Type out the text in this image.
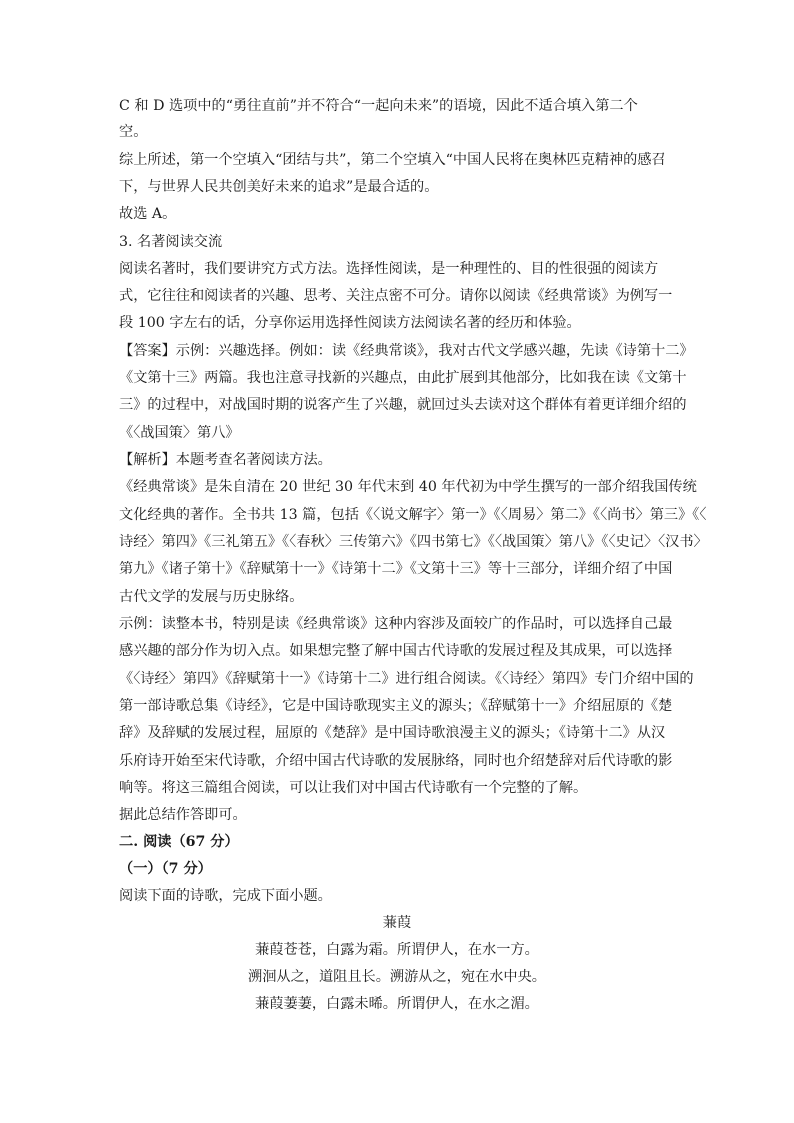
C 和 D 选项中的“勇往直前”并不符合“一起向未来”的语境，因此不适合填入第二个
空。
综上所述，第一个空填入“团结与共”，第二个空填入“中国人民将在奥林匹克精神的感召
下，与世界人民共创美好未来的追求”是最合适的。
故选 A。
3. 名著阅读交流
阅读名著时，我们要讲究方式方法。选择性阅读，是一种理性的、目的性很强的阅读方
式，它往往和阅读者的兴趣、思考、关注点密不可分。请你以阅读《经典常谈》为例写一
段 100 字左右的话，分享你运用选择性阅读方法阅读名著的经历和体验。
【答案】示例：兴趣选择。例如：读《经典常谈》，我对古代文学感兴趣，先读《诗第十二》
《文第十三》两篇。我也注意寻找新的兴趣点，由此扩展到其他部分，比如我在读《文第十
三》的过程中，对战国时期的说客产生了兴趣，就回过头去读对这个群体有着更详细介绍的
《〈战国策〉第八》
【解析】本题考查名著阅读方法。
《经典常谈》是朱自清在 20 世纪 30 年代末到 40 年代初为中学生撰写的一部介绍我国传统
文化经典的著作。全书共 13 篇，包括《〈说文解字〉第一》《〈周易〉第二》《〈尚书〉第三》《〈
诗经〉第四》《三礼第五》《〈春秋〉三传第六》《四书第七》《〈战国策〉第八》《〈史记〉〈汉书〉
第九》《诸子第十》《辞赋第十一》《诗第十二》《文第十三》等十三部分，详细介绍了中国
古代文学的发展与历史脉络。
示例：读整本书，特别是读《经典常谈》这种内容涉及面较广的作品时，可以选择自己最
感兴趣的部分作为切入点。如果想完整了解中国古代诗歌的发展过程及其成果，可以选择
《〈诗经〉第四》《辞赋第十一》《诗第十二》进行组合阅读。《〈诗经〉第四》专门介绍中国的
第一部诗歌总集《诗经》，它是中国诗歌现实主义的源头；《辞赋第十一》介绍屈原的《楚
辞》及辞赋的发展过程，屈原的《楚辞》是中国诗歌浪漫主义的源头；《诗第十二》从汉
乐府诗开始至宋代诗歌，介绍中国古代诗歌的发展脉络，同时也介绍楚辞对后代诗歌的影
响等。将这三篇组合阅读，可以让我们对中国古代诗歌有一个完整的了解。
据此总结作答即可。
二. 阅读（67 分）
（一）（7 分）
阅读下面的诗歌，完成下面小题。
蒹葭
蒹葭苍苍，白露为霜。所谓伊人，在水一方。
溯洄从之，道阻且长。溯游从之，宛在水中央。
蒹葭萋萋，白露未晞。所谓伊人，在水之湄。
